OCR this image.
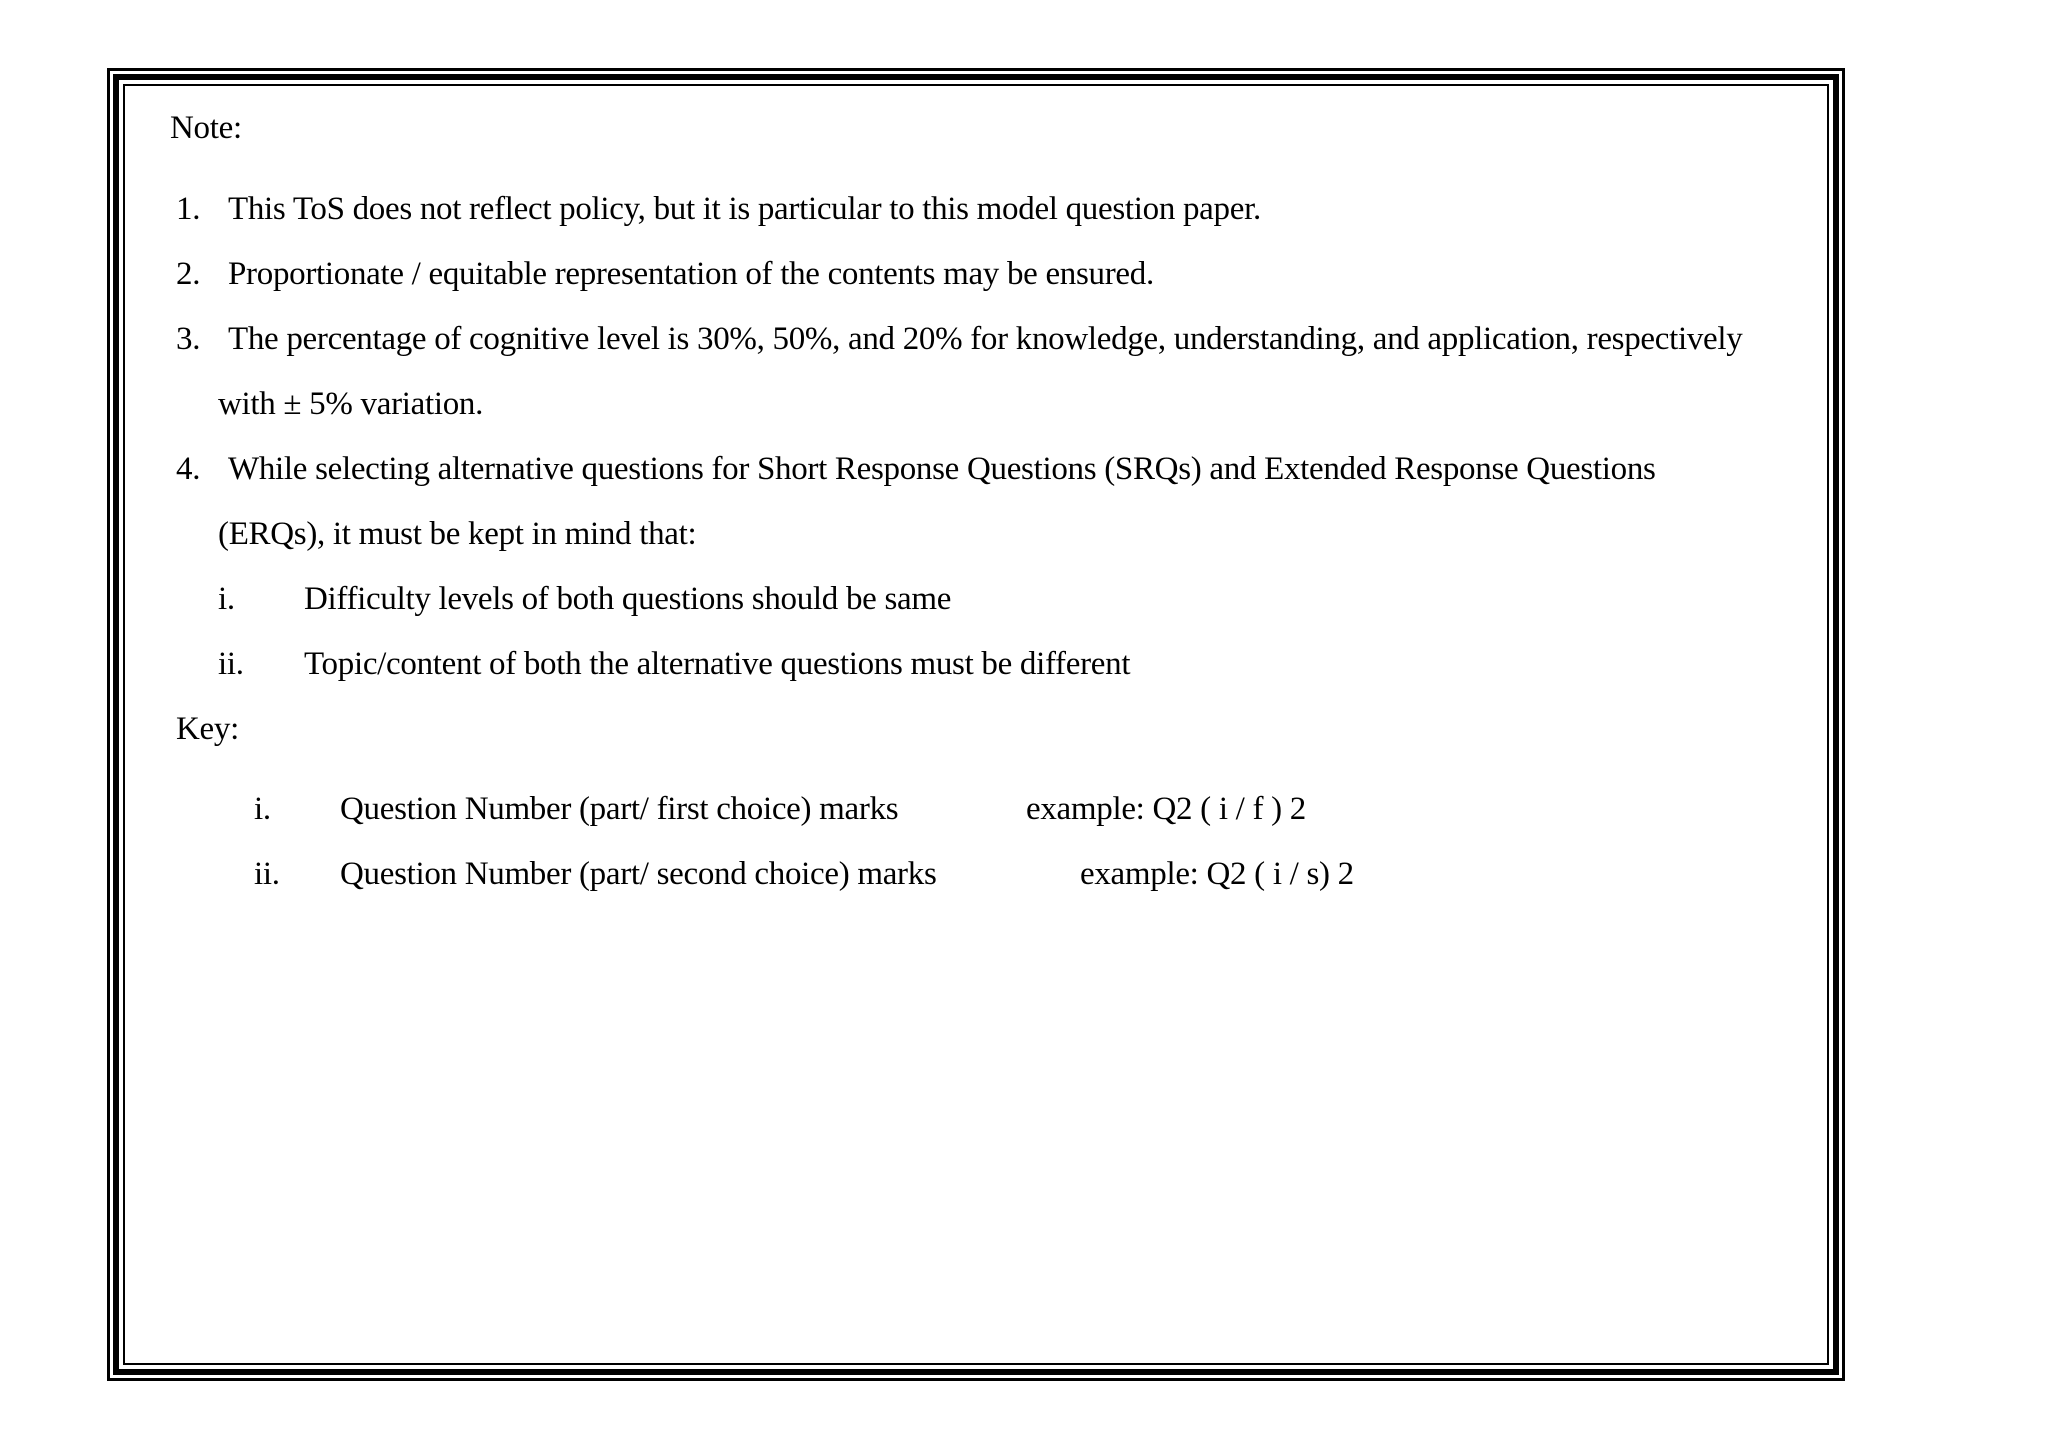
Note:
1. This ToS does not reflect policy, but it is particular to this model question paper.
2. Proportionate / equitable representation of the contents may be ensured.
3. The percentage of cognitive level is 30%, 50%, and 20% for knowledge, understanding, and application, respectively
with ± 5% variation.
4. While selecting alternative questions for Short Response Questions (SRQs) and Extended Response Questions
(ERQs), it must be kept in mind that:
i. Difficulty levels of both questions should be same
ii. Topic/content of both the alternative questions must be different
Key:
i. Question Number (part/ first choice) marks	example: Q2 ( i / f ) 2
ii. Question Number (part/ second choice) marks	example: Q2 ( i / s) 2
